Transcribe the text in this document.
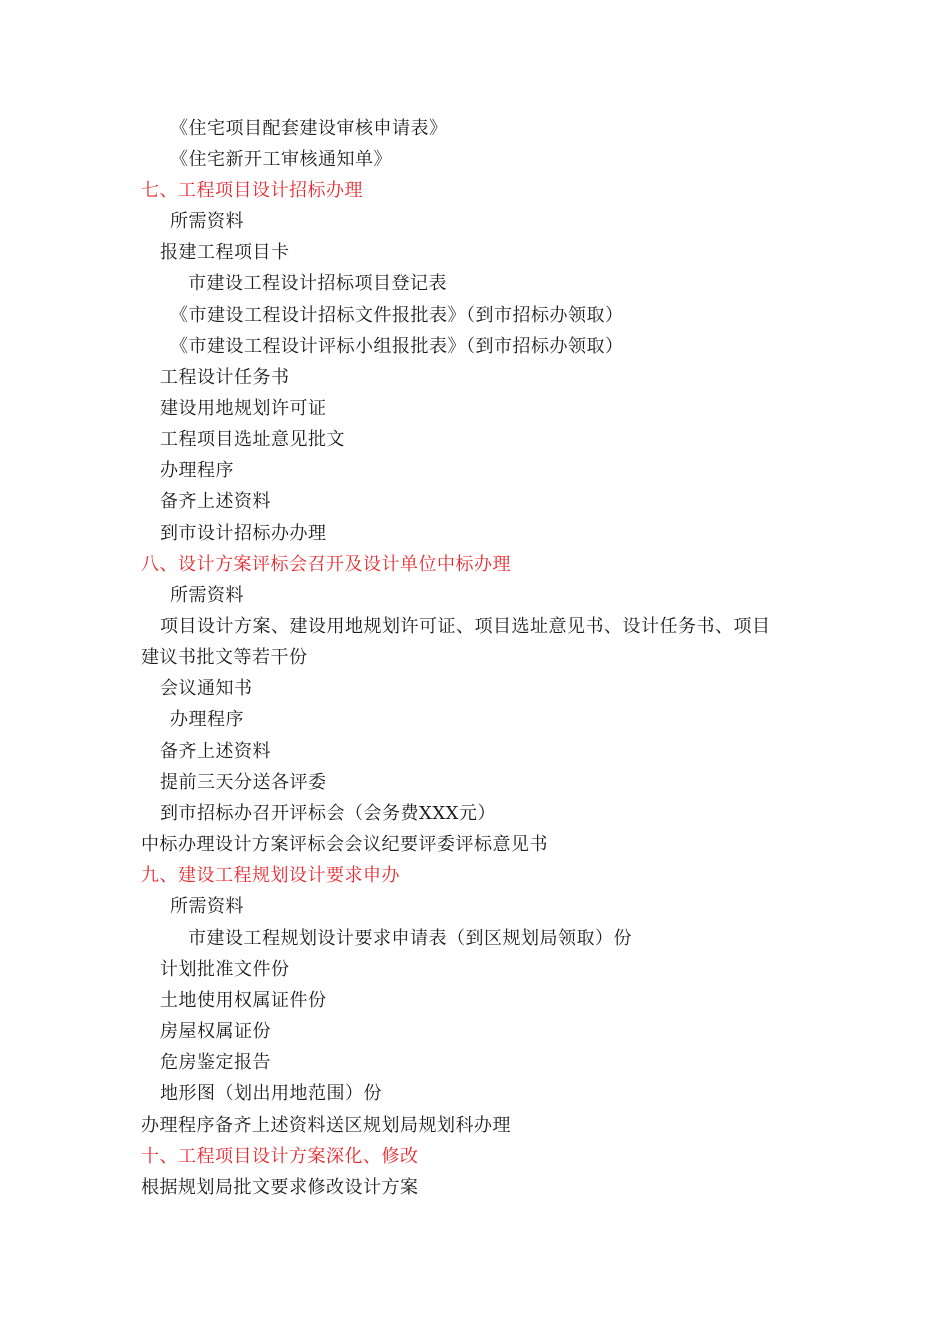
《住宅项目配套建设审核申请表》
《住宅新开工审核通知单》
七、工程项目设计招标办理
所需资料
报建工程项目卡
市建设工程设计招标项目登记表
《市建设工程设计招标文件报批表》（到市招标办领取）
《市建设工程设计评标小组报批表》（到市招标办领取）
工程设计任务书
建设用地规划许可证
工程项目选址意见批文
办理程序
备齐上述资料
到市设计招标办办理
八、设计方案评标会召开及设计单位中标办理
所需资料
项目设计方案、建设用地规划许可证、项目选址意见书、设计任务书、项目
建议书批文等若干份
会议通知书
办理程序
备齐上述资料
提前三天分送各评委
到市招标办召开评标会（会务费XXX元）
中标办理设计方案评标会会议纪要评委评标意见书
九、建设工程规划设计要求申办
所需资料
市建设工程规划设计要求申请表（到区规划局领取）份
计划批准文件份
土地使用权属证件份
房屋权属证份
危房鉴定报告
地形图（划出用地范围）份
办理程序备齐上述资料送区规划局规划科办理
十、工程项目设计方案深化、修改
根据规划局批文要求修改设计方案
